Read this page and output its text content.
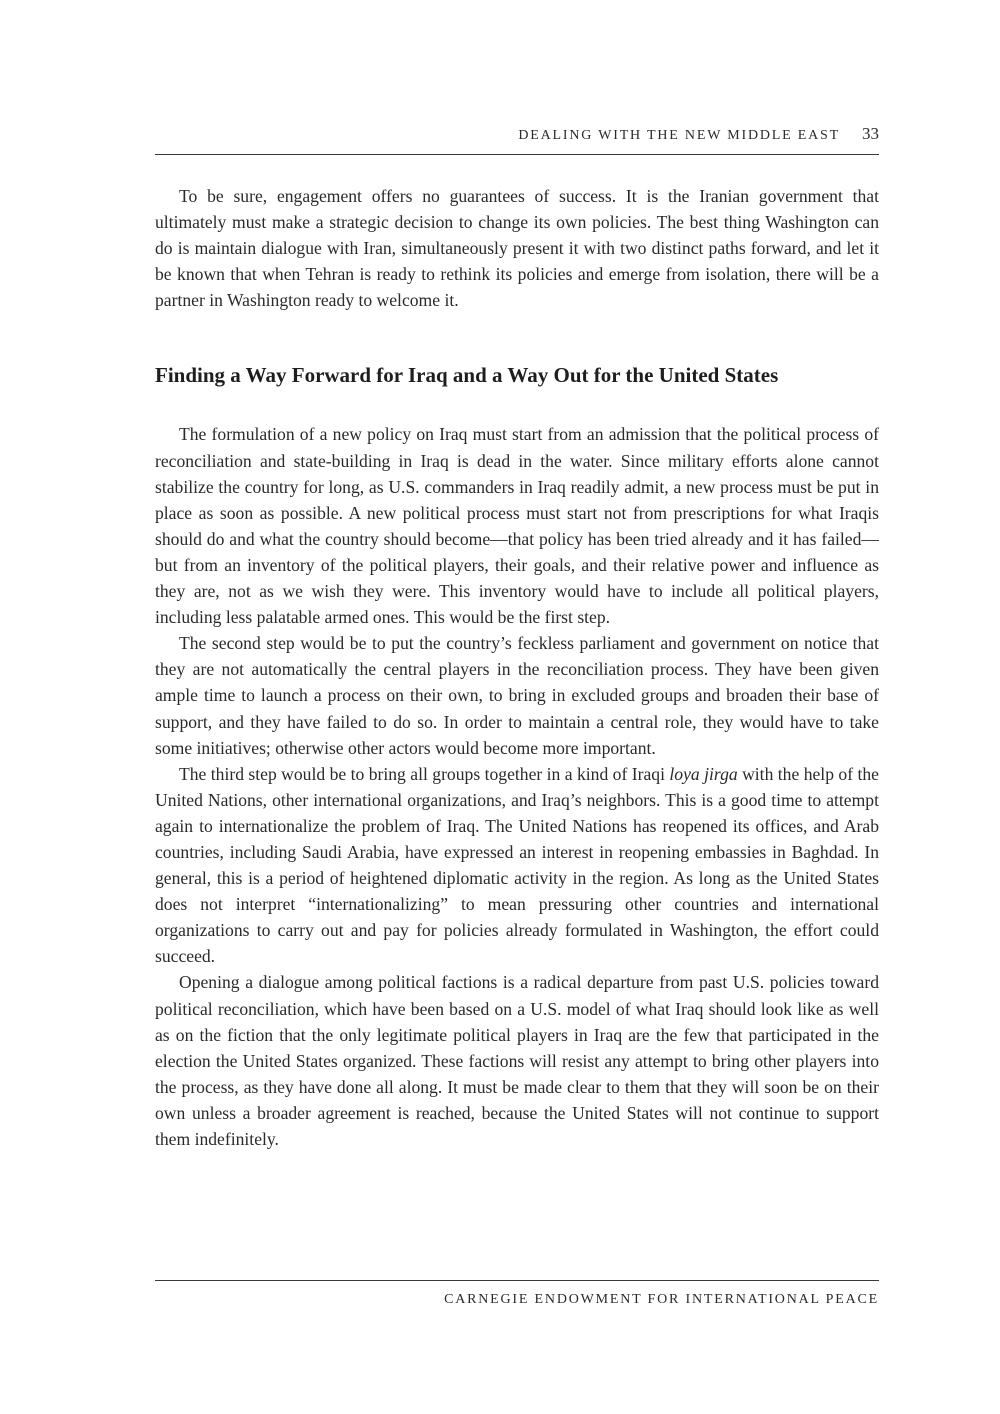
DEALING WITH THE NEW MIDDLE EAST 33

To be sure, engagement offers no guarantees of success. It is the Iranian government that ultimately must make a strategic decision to change its own policies. The best thing Washington can do is maintain dialogue with Iran, simultaneously present it with two distinct paths forward, and let it be known that when Tehran is ready to rethink its policies and emerge from isolation, there will be a partner in Washington ready to welcome it.

Finding a Way Forward for Iraq and a Way Out for the United States

The formulation of a new policy on Iraq must start from an admission that the political process of reconciliation and state-building in Iraq is dead in the water. Since military efforts alone cannot stabilize the country for long, as U.S. commanders in Iraq readily admit, a new process must be put in place as soon as possible. A new political process must start not from prescriptions for what Iraqis should do and what the country should become—that policy has been tried already and it has failed—but from an inventory of the political players, their goals, and their relative power and influence as they are, not as we wish they were. This inventory would have to include all political players, including less palatable armed ones. This would be the first step.

The second step would be to put the country’s feckless parliament and government on notice that they are not automatically the central players in the reconciliation process. They have been given ample time to launch a process on their own, to bring in excluded groups and broaden their base of support, and they have failed to do so. In order to maintain a central role, they would have to take some initiatives; otherwise other actors would become more important.

The third step would be to bring all groups together in a kind of Iraqi loya jirga with the help of the United Nations, other international organizations, and Iraq’s neighbors. This is a good time to attempt again to internationalize the problem of Iraq. The United Nations has reopened its offices, and Arab countries, including Saudi Arabia, have expressed an interest in reopening embassies in Baghdad. In general, this is a period of heightened diplomatic activity in the region. As long as the United States does not interpret “internationalizing” to mean pressuring other countries and international organizations to carry out and pay for policies already formulated in Washington, the effort could succeed.

Opening a dialogue among political factions is a radical departure from past U.S. policies toward political reconciliation, which have been based on a U.S. model of what Iraq should look like as well as on the fiction that the only legitimate political players in Iraq are the few that participated in the election the United States organized. These factions will resist any attempt to bring other players into the process, as they have done all along. It must be made clear to them that they will soon be on their own unless a broader agreement is reached, because the United States will not continue to support them indefinitely.

CARNEGIE ENDOWMENT FOR INTERNATIONAL PEACE
